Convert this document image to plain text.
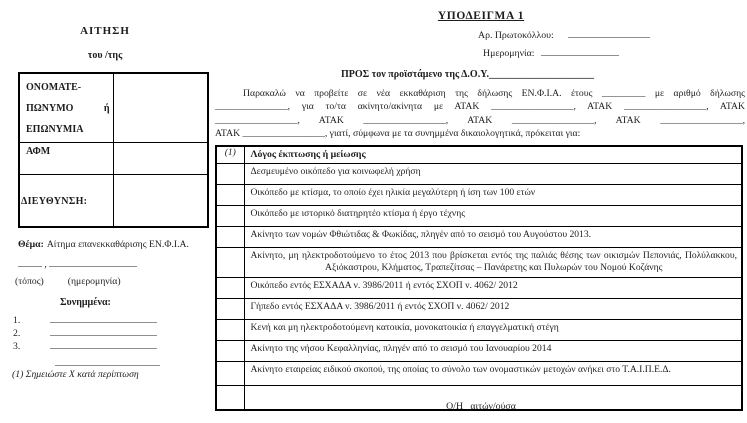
ΑΙΤΗΣΗ
του /της
ΟΝΟΜΑΤΕ-ΠΩΝΥΜΟ ή ΕΠΩΝΥΜΙΑ	
ΑΦΜ	
ΔΙΕΥΘΥΝΣΗ:	
Θέμα: Αίτημα επανεκκαθάρισης ΕΝ.Φ.Ι.Α.
,
(τόπος) (ημερομηνία)
Συνημμένα:
1.
2.
3.
(1) Σημειώστε Χ κατά περίπτωση
ΥΠΟΔΕΙΓΜΑ 1
Αρ. Πρωτοκόλλου:
Ημερομηνία:
ΠΡΟΣ τον προϊστάμενο της Δ.Ο.Υ._____________________
Παρακαλώ να προβείτε σε νέα εκκαθάριση της δήλωσης ΕΝ.Φ.Ι.Α. έτους _________ με αριθμό δήλωσης
_______________, για το/τα ακίνητο/ακίνητα με ΑΤΑΚ _________________, ΑΤΑΚ _________________, ΑΤΑΚ
_________________, ΑΤΑΚ _________________, ΑΤΑΚ _________________, ΑΤΑΚ _________________,
ΑΤΑΚ _________________, γιατί, σύμφωνα με τα συνημμένα δικαιολογητικά, πρόκειται για:
(1)	Λόγος έκπτωσης ή μείωσης
	Δεσμευμένο οικόπεδο για κοινωφελή χρήση
	Οικόπεδο με κτίσμα, το οποίο έχει ηλικία μεγαλύτερη ή ίση των 100 ετών
	Οικόπεδο με ιστορικό διατηρητέο κτίσμα ή έργο τέχνης
	Ακίνητο των νομών Φθιώτιδας & Φωκίδας, πληγέν από το σεισμό του Αυγούστου 2013.
	Ακίνητο, μη ηλεκτροδοτούμενο το έτος 2013 που βρίσκεται εντός της παλιάς θέσης των οικισμών Πεπονιάς, Πολύλακκου, Αξιόκαστρου, Κλήματος, Τραπεζίτσας – Πανάρετης και Πυλωρών του Νομού Κοζάνης
	Οικόπεδο εντός ΕΣΧΑΔΑ ν. 3986/2011 ή εντός ΣΧΟΠ ν. 4062/ 2012
	Γήπεδο εντός ΕΣΧΑΔΑ ν. 3986/2011 ή εντός ΣΧΟΠ ν. 4062/ 2012
	Κενή και μη ηλεκτροδοτούμενη κατοικία, μονοκατοικία ή επαγγελματική στέγη
	Ακίνητο της νήσου Κεφαλληνίας, πληγέν από το σεισμό του Ιανουαρίου 2014
	Ακίνητο εταιρείας ειδικού σκοπού, της οποίας το σύνολο των ονομαστικών μετοχών ανήκει στο Τ.Α.Ι.Π.Ε.Δ.

Ο/Η   αιτών/ούσα
